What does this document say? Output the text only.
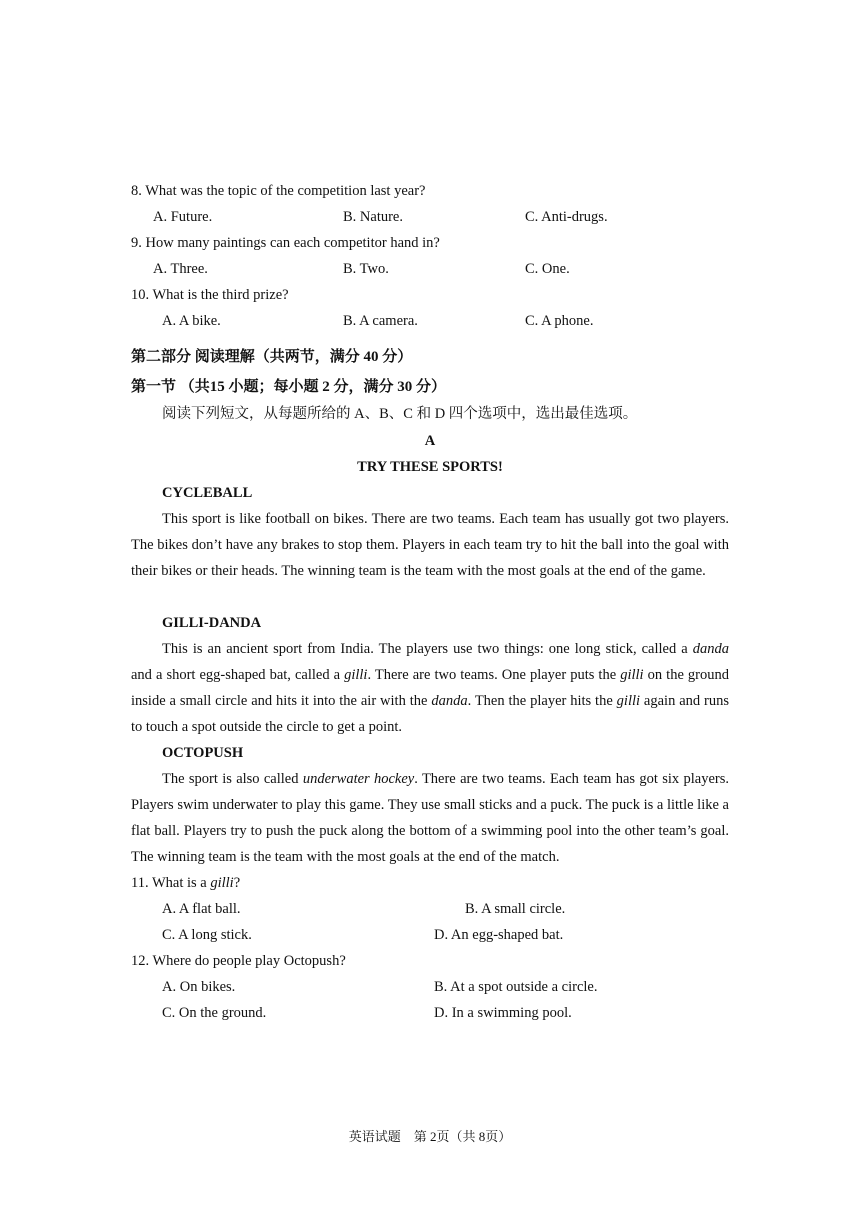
8. What was the topic of the competition last year?
A. Future.	B. Nature.	C. Anti-drugs.
9. How many paintings can each competitor hand in?
A. Three.	B. Two.	C. One.
10. What is the third prize?
A. A bike.	B. A camera.	C. A phone.
第二部分 阅读理解（共两节，满分 40 分）
第一节 （共15 小题；每小题 2 分，满分 30 分）
阅读下列短文，从每题所给的 A、B、C 和 D 四个选项中，选出最佳选项。
A
TRY THESE SPORTS!
CYCLEBALL
This sport is like football on bikes. There are two teams. Each team has usually got two players. The bikes don’t have any brakes to stop them. Players in each team try to hit the ball into the goal with their bikes or their heads. The winning team is the team with the most goals at the end of the game.
GILLI-DANDA
This is an ancient sport from India. The players use two things: one long stick, called a danda and a short egg-shaped bat, called a gilli. There are two teams. One player puts the gilli on the ground inside a small circle and hits it into the air with the danda. Then the player hits the gilli again and runs to touch a spot outside the circle to get a point.
OCTOPUSH
The sport is also called underwater hockey. There are two teams. Each team has got six players. Players swim underwater to play this game. They use small sticks and a puck. The puck is a little like a flat ball. Players try to push the puck along the bottom of a swimming pool into the other team’s goal. The winning team is the team with the most goals at the end of the match.
11. What is a gilli?
A. A flat ball.	B. A small circle.
C. A long stick.	D. An egg-shaped bat.
12. Where do people play Octopush?
A. On bikes.	B. At a spot outside a circle.
C. On the ground.	D. In a swimming pool.
英语试题　第 2页（共 8页）
